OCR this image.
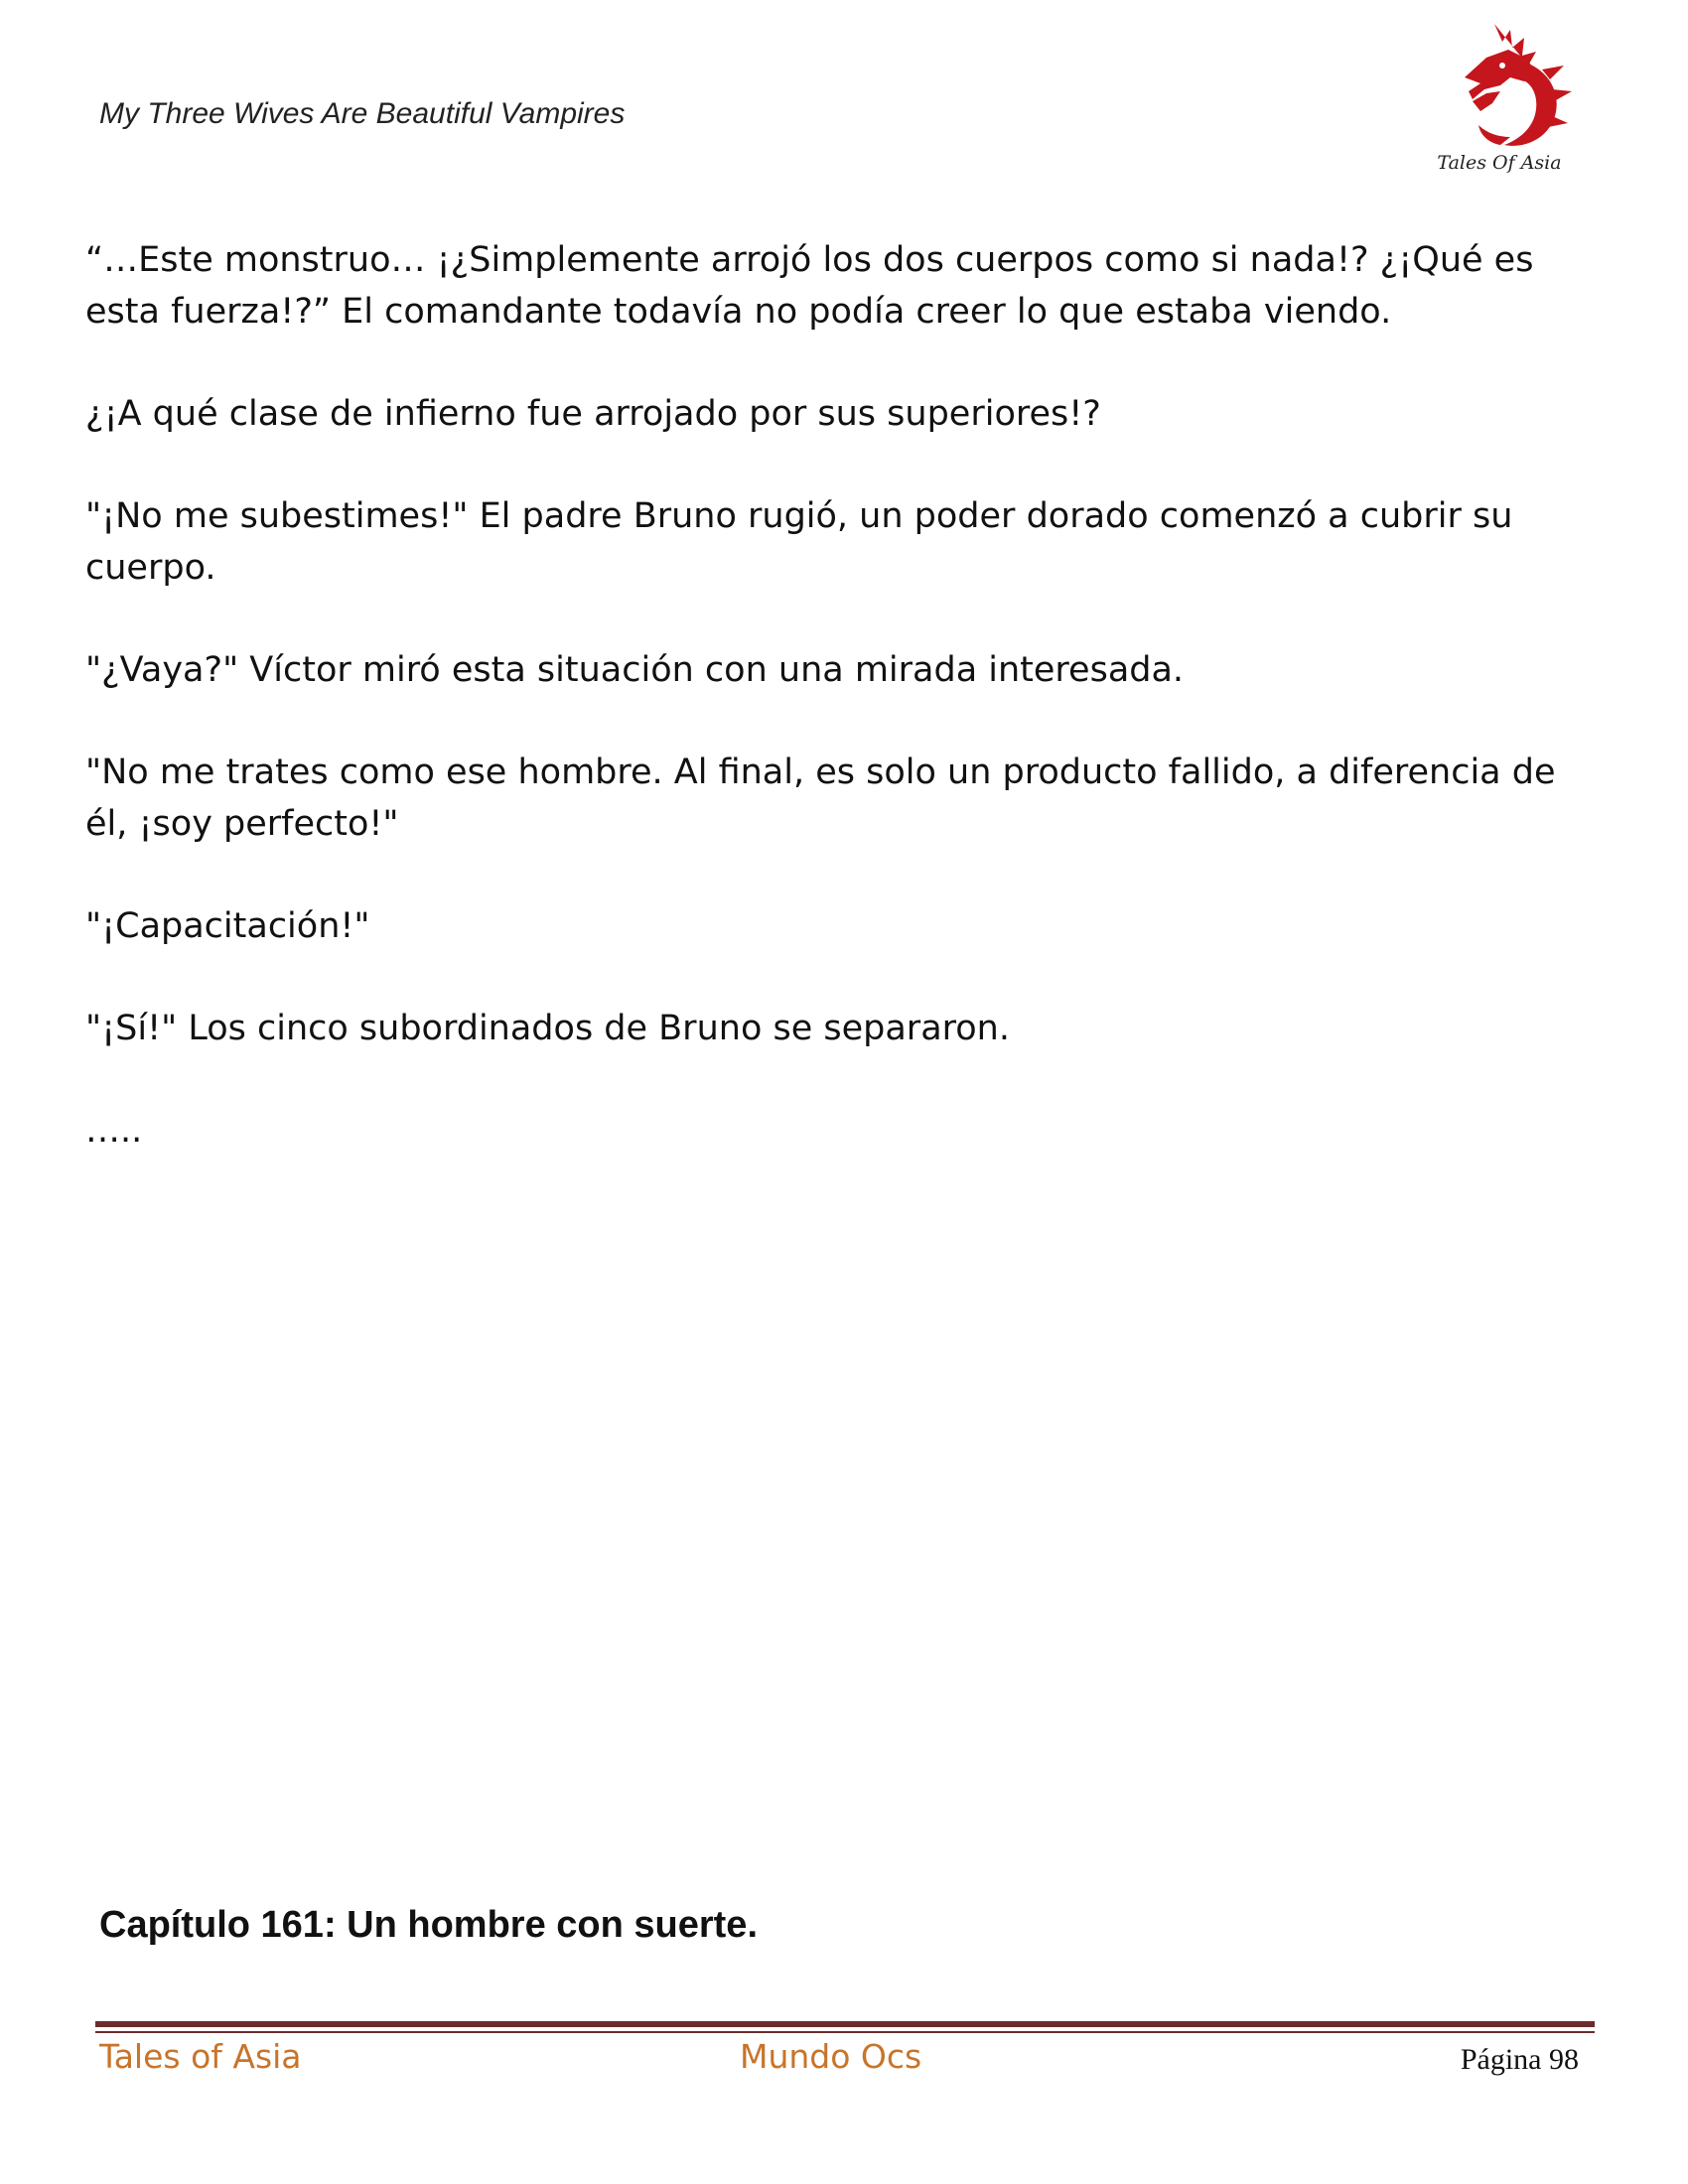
My Three Wives Are Beautiful Vampires
Tales Of Asia

“…Este monstruo… ¡¿Simplemente arrojó los dos cuerpos como si nada!? ¿¡Qué es esta fuerza!?” El comandante todavía no podía creer lo que estaba viendo.

¿¡A qué clase de infierno fue arrojado por sus superiores!?

"¡No me subestimes!" El padre Bruno rugió, un poder dorado comenzó a cubrir su cuerpo.

"¿Vaya?" Víctor miró esta situación con una mirada interesada.

"No me trates como ese hombre. Al final, es solo un producto fallido, a diferencia de él, ¡soy perfecto!"

"¡Capacitación!"

"¡Sí!" Los cinco subordinados de Bruno se separaron.

…..

Capítulo 161: Un hombre con suerte.
Tales of Asia	Mundo Ocs	Página 98
